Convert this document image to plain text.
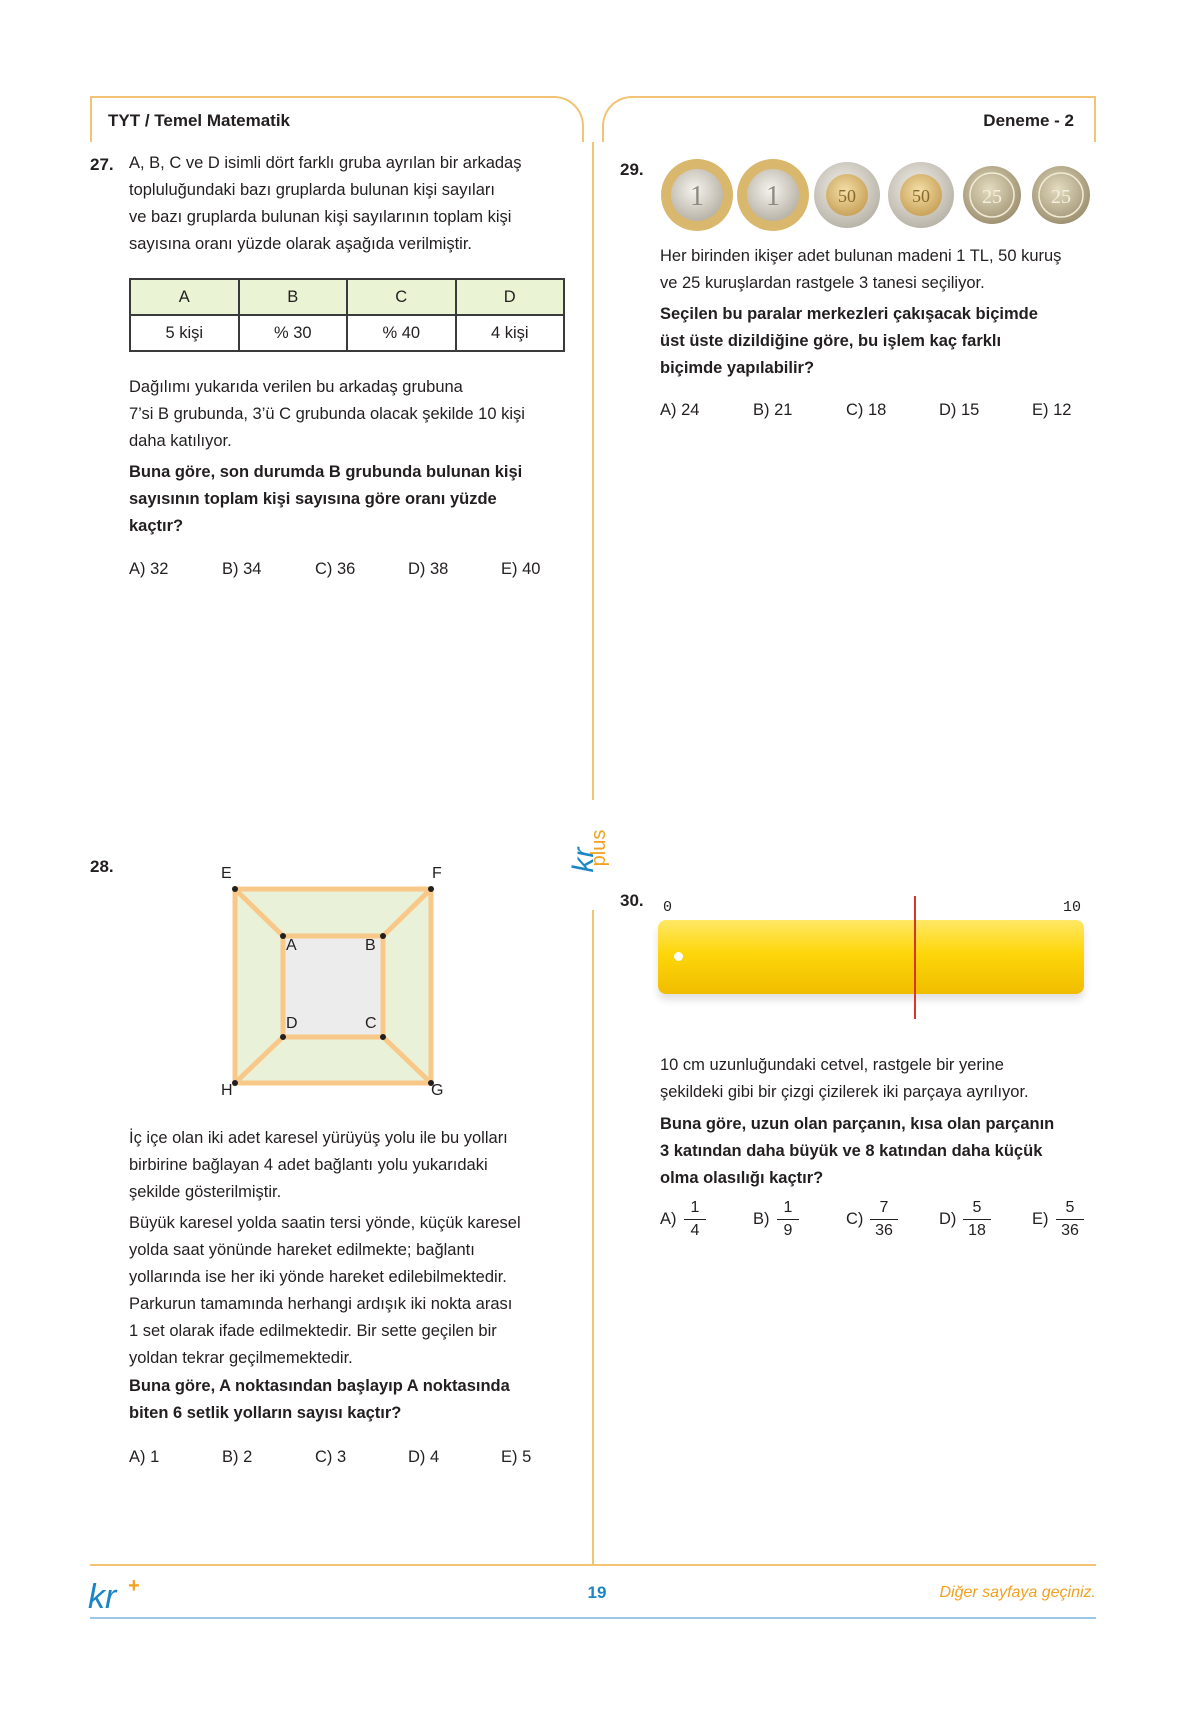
TYT / Temel Matematik	Deneme - 2
kr
plus
27. A, B, C ve D isimli dört farklı gruba ayrılan bir arkadaş
topluluğundaki bazı gruplarda bulunan kişi sayıları
ve bazı gruplarda bulunan kişi sayılarının toplam kişi
sayısına oranı yüzde olarak aşağıda verilmiştir.
A	B	C	D
5 kişi	% 30	% 40	4 kişi
Dağılımı yukarıda verilen bu arkadaş grubuna
7’si B grubunda, 3’ü C grubunda olacak şekilde 10 kişi
daha katılıyor.
Buna göre, son durumda B grubunda bulunan kişi
sayısının toplam kişi sayısına göre oranı yüzde
kaçtır?
A) 32	B) 34	C) 36	D) 38	E) 40
28.	E	F
H	G
A	B
C
D
İç içe olan iki adet karesel yürüyüş yolu ile bu yolları
birbirine bağlayan 4 adet bağlantı yolu yukarıdaki
şekilde gösterilmiştir.
Büyük karesel yolda saatin tersi yönde, küçük karesel
yolda saat yönünde hareket edilmekte; bağlantı
yollarında ise her iki yönde hareket edilebilmektedir.
Parkurun tamamında herhangi ardışık iki nokta arası
1 set olarak ifade edilmektedir. Bir sette geçilen bir
yoldan tekrar geçilmemektedir.
Buna göre, A noktasından başlayıp A noktasında
biten 6 setlik yolların sayısı kaçtır?
A) 1	B) 2	C) 3	D) 4	E) 5
29.
1 1	50	50	25 25
Her birinden ikişer adet bulunan madeni 1 TL, 50 kuruş
ve 25 kuruşlardan rastgele 3 tanesi seçiliyor.
Seçilen bu paralar merkezleri çakışacak biçimde
üst üste dizildiğine göre, bu işlem kaç farklı
biçimde yapılabilir?
A) 24	B) 21	C) 18	D) 15	E) 12
30. 0	10
10 cm uzunluğundaki cetvel, rastgele bir yerine
şekildeki gibi bir çizgi çizilerek iki parçaya ayrılıyor.
Buna göre, uzun olan parçanın, kısa olan parçanın
3 katından daha büyük ve 8 katından daha küçük
olma olasılığı kaçtır?
A)
1
4
B)
1
9
C)
7
36
D)
5
18
E)
5
36
kr +	19	Diğer sayfaya geçiniz.
